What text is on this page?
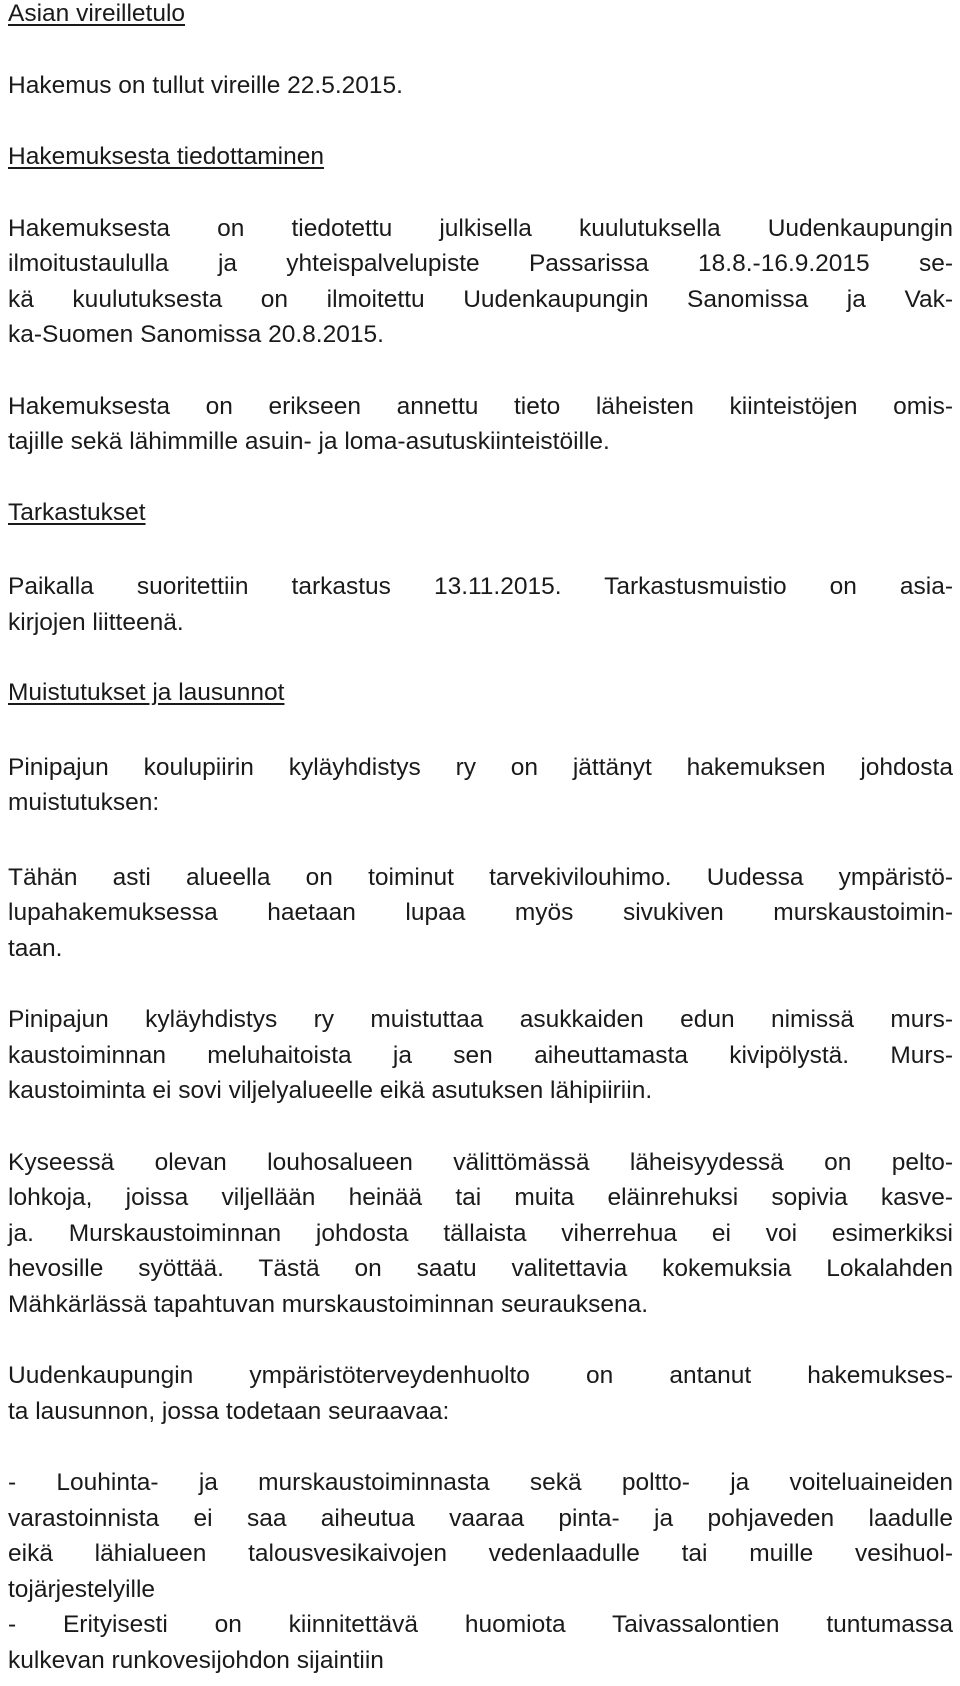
Asian vireilletulo

Hakemus on tullut vireille 22.5.2015.

Hakemuksesta tiedottaminen

Hakemuksesta on tiedotettu julkisella kuulutuksella Uudenkaupungin
ilmoitustaululla ja yhteispalvelupiste Passarissa 18.8.-16.9.2015 se-
kä kuulutuksesta on ilmoitettu Uudenkaupungin Sanomissa ja Vak-
ka-Suomen Sanomissa 20.8.2015.

Hakemuksesta on erikseen annettu tieto läheisten kiinteistöjen omis-
tajille sekä lähimmille asuin- ja loma-asutuskiinteistöille.

Tarkastukset

Paikalla suoritettiin tarkastus 13.11.2015. Tarkastusmuistio on asia-
kirjojen liitteenä.

Muistutukset ja lausunnot

Pinipajun koulupiirin kyläyhdistys ry on jättänyt hakemuksen johdosta
muistutuksen:

Tähän asti alueella on toiminut tarvekivilouhimo. Uudessa ympäristö-
lupahakemuksessa haetaan lupaa myös sivukiven murskaustoimin-
taan.

Pinipajun kyläyhdistys ry muistuttaa asukkaiden edun nimissä murs-
kaustoiminnan meluhaitoista ja sen aiheuttamasta kivipölystä. Murs-
kaustoiminta ei sovi viljelyalueelle eikä asutuksen lähipiiriin.

Kyseessä olevan louhosalueen välittömässä läheisyydessä on pelto-
lohkoja, joissa viljellään heinää tai muita eläinrehuksi sopivia kasve-
ja. Murskaustoiminnan johdosta tällaista viherrehua ei voi esimerkiksi
hevosille syöttää. Tästä on saatu valitettavia kokemuksia Lokalahden
Mähkärlässä tapahtuvan murskaustoiminnan seurauksena.

Uudenkaupungin ympäristöterveydenhuolto on antanut hakemukses-
ta lausunnon, jossa todetaan seuraavaa:

- Louhinta- ja murskaustoiminnasta sekä poltto- ja voiteluaineiden
varastoinnista ei saa aiheutua vaaraa pinta- ja pohjaveden laadulle
eikä lähialueen talousvesikaivojen vedenlaadulle tai muille vesihuol-
tojärjestelyille
- Erityisesti on kiinnitettävä huomiota Taivassalontien tuntumassa
kulkevan runkovesijohdon sijaintiin
